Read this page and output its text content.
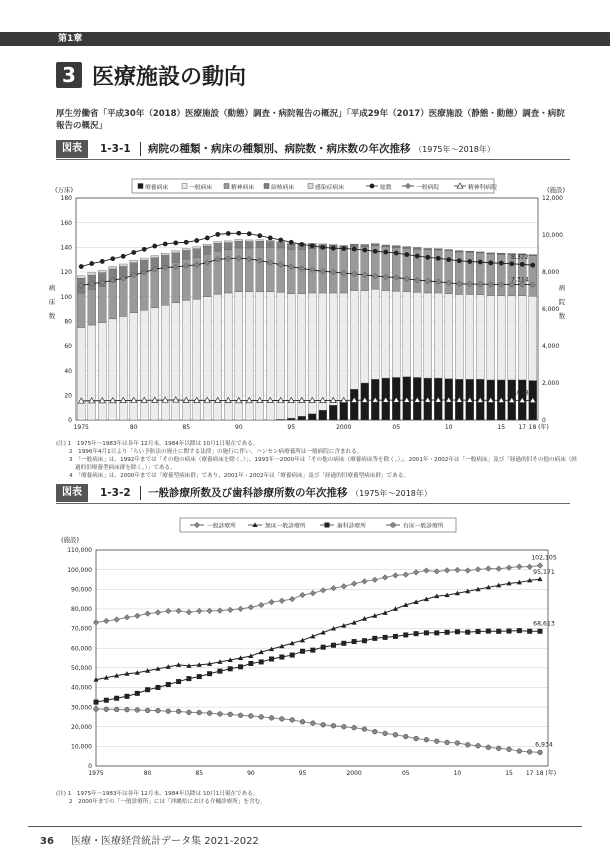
第1章
3 医療施設の動向
厚生労働省「平成30年（2018）医療施設（動態）調査・病院報告の概況」「平成29年（2017）医療施設（静態・動態）調査・病院報告の概況」
図表	1-3-1 病院の種類・病床の種類別、病院数・病床数の年次推移 （1975年～2018年）
療養病床	一般病床	精神病床	結核病床	感染症病床	総数	一般病院	精神科病院
(万床)	(施設)
病
床
数
病
院
数
0
20
40
60
80
100
120
140
160
180
0
2,000
4,000
6,000
8,000
10,000
12,000
8,372
7,314
1,058
1975	80	85	90	95	2000	05	10	15 17 18 (年)
(注) 1　1975年～1983年は各年 12月末、1984年以降は 10月1日現在である。
2　1996年4月1日より「らい予防法の廃止に関する法律」の施行に伴い、ハンセン病療養所は一般病院に含まれる。
3　「一般病床」は、1992年までは「その他の病床（療養病床を除く。）」、1993年～2000年は「その他の病床（療養病床等を除く。）」、2001年・2002年は「一般病床」及び「経過的旧その他の病床（経
過的旧療養型病床群を除く。）」である。
4　「療養病床」は、2000年までは「療養型病床群」であり、2001年・2002年は「療養病床」及び「経過的旧療養型病床群」である。
図表	1-3-2 一般診療所数及び歯科診療所数の年次推移 （1975年～2018年）
一般診療所	無床一般診療所	歯科診療所	有床一般診療所
(施設)
0
10,000
20,000
30,000
40,000
50,000
60,000
70,000
80,000
90,000
100,000
110,000
102,105
95,171
68,613
6,934
1975	80	85	90	95	2000	05	10	15 17 18 (年)
(注) 1　1975年～1983年は各年 12月末、1984年以降は 10月1日現在である。
2　2000年までの「一般診療所」には「沖縄県における介輔診療所」を含む。
36 医療・医療経営統計データ集 2021-2022
